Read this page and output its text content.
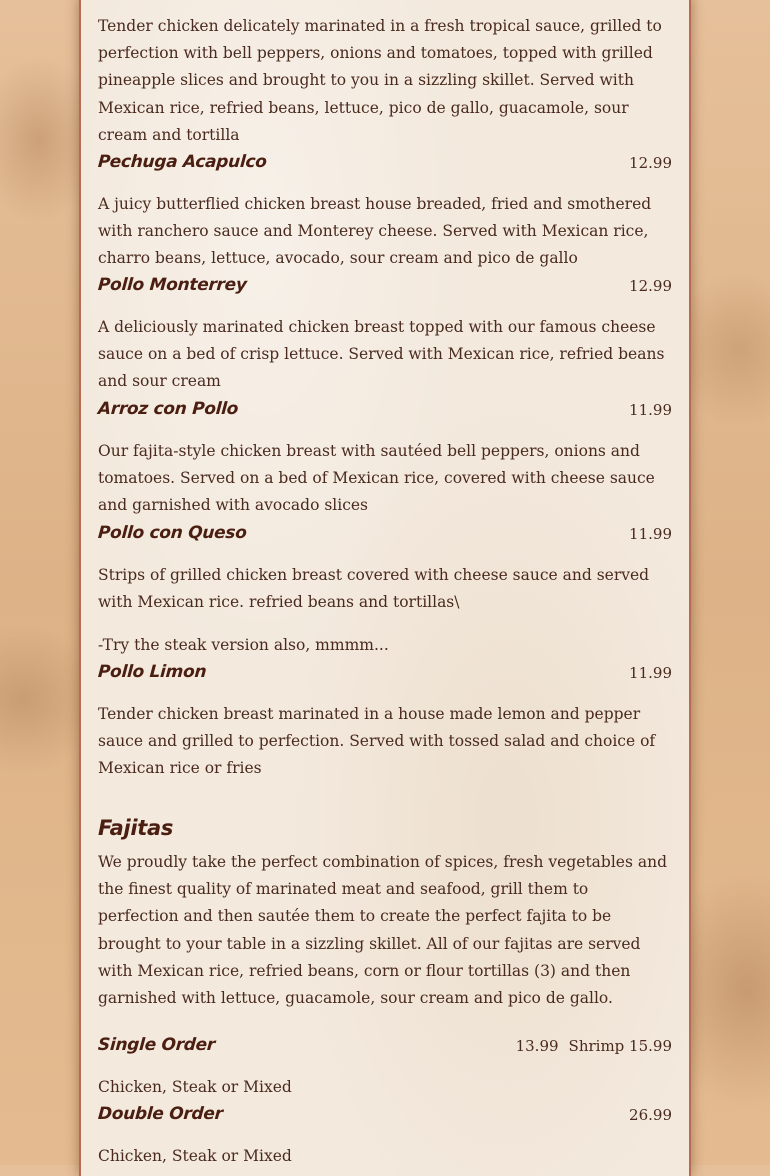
Tender chicken delicately marinated in a fresh tropical sauce, grilled to perfection with bell peppers, onions and tomatoes, topped with grilled pineapple slices and brought to you in a sizzling skillet. Served with Mexican rice, refried beans, lettuce, pico de gallo, guacamole, sour cream and tortilla

Pechuga Acapulco	12.99

A juicy butterflied chicken breast house breaded, fried and smothered with ranchero sauce and Monterey cheese. Served with Mexican rice, charro beans, lettuce, avocado, sour cream and pico de gallo

Pollo Monterrey	12.99

A deliciously marinated chicken breast topped with our famous cheese sauce on a bed of crisp lettuce. Served with Mexican rice, refried beans and sour cream

Arroz con Pollo	11.99

Our fajita-style chicken breast with sautéed bell peppers, onions and tomatoes. Served on a bed of Mexican rice, covered with cheese sauce and garnished with avocado slices

Pollo con Queso	11.99

Strips of grilled chicken breast covered with cheese sauce and served with Mexican rice. refried beans and tortillas\

-Try the steak version also, mmmm...

Pollo Limon	11.99

Tender chicken breast marinated in a house made lemon and pepper sauce and grilled to perfection. Served with tossed salad and choice of Mexican rice or fries

Fajitas

We proudly take the perfect combination of spices, fresh vegetables and the finest quality of marinated meat and seafood, grill them to perfection and then sautée them to create the perfect fajita to be brought to your table in a sizzling skillet. All of our fajitas are served with Mexican rice, refried beans, corn or flour tortillas (3) and then garnished with lettuce, guacamole, sour cream and pico de gallo.

Single Order	13.99 Shrimp 15.99

Chicken, Steak or Mixed

Double Order	26.99

Chicken, Steak or Mixed
